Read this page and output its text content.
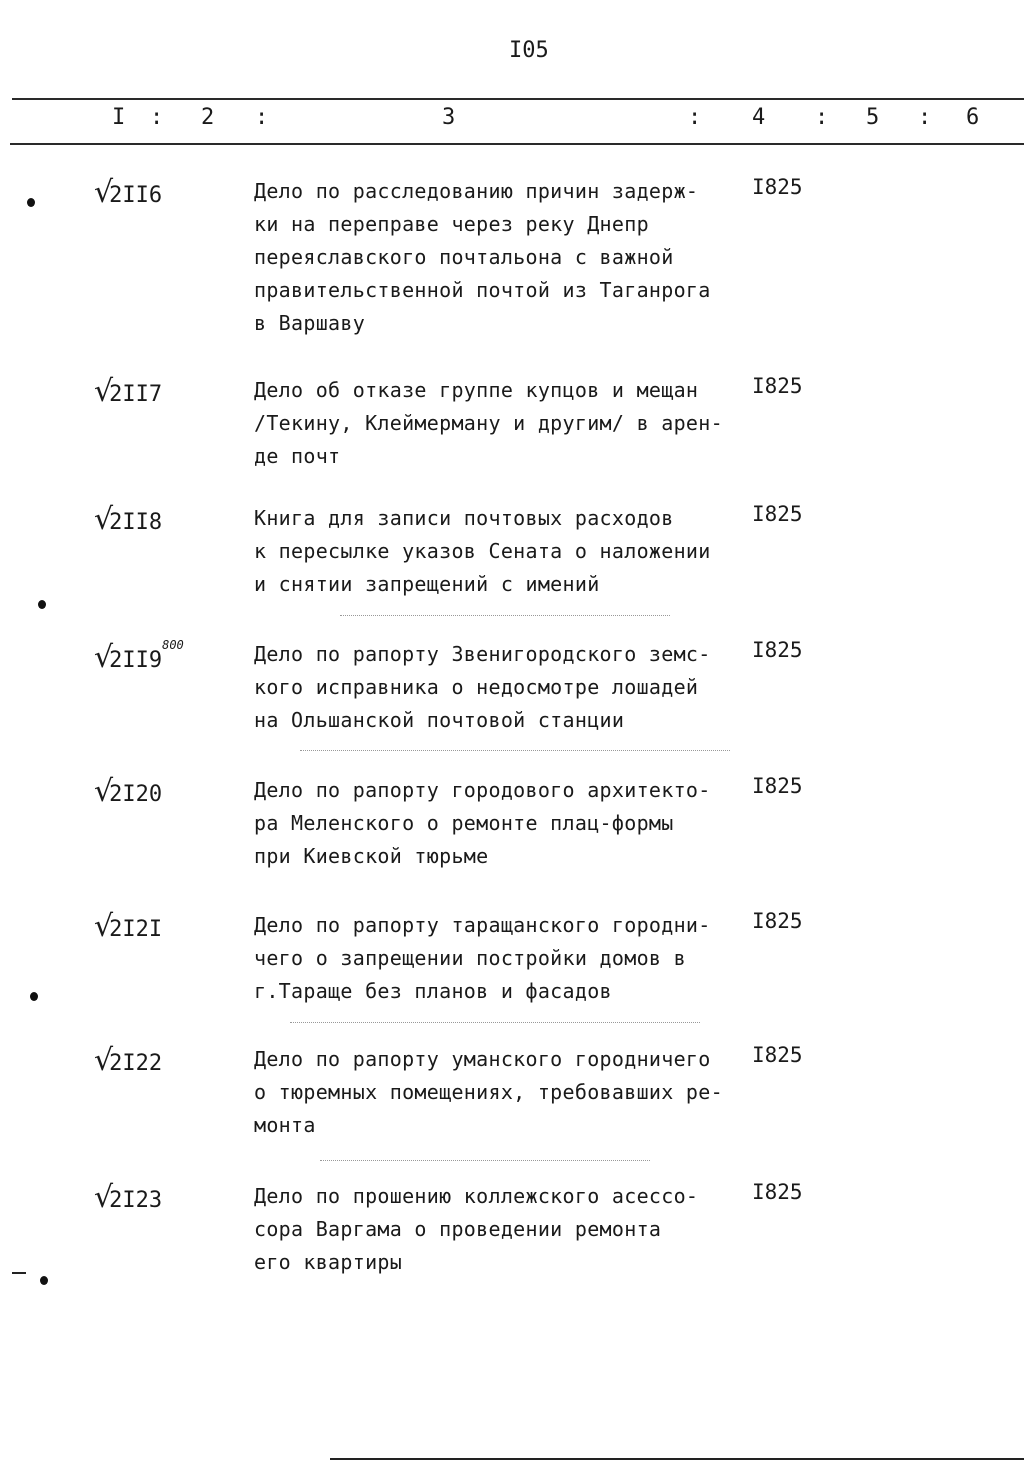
I05
I : 2 :	3	: 4 : 5 : 6
√2II6	Дело по расследованию причин задерж-
ки на переправе через реку Днепр
переяславского почтальона с важной
правительственной почтой из Таганрога
в Варшаву
I825
√2II7	Дело об отказе группе купцов и мещан
/Текину, Клеймерману и другим/ в арен-
де почт
I825
√2II8	Книга для записи почтовых расходов
к пересылке указов Сената о наложении
и снятии запрещений с имений
I825
√2II9$^{800}$	Дело по рапорту Звенигородского земс-
кого исправника о недосмотре лошадей
на Ольшанской почтовой станции
I825
√2I20	Дело по рапорту городового архитекто-
ра Меленского о ремонте плац-формы
при Киевской тюрьме
I825
√2I2I	Дело по рапорту таращанского городни-
чего о запрещении постройки домов в
г.Тараще без планов и фасадов
I825
√2I22	Дело по рапорту уманского городничего
о тюремных помещениях, требовавших ре-
монта
I825
√2I23	Дело по прошению коллежского асессо-
сора Варгама о проведении ремонта
его квартиры
I825
